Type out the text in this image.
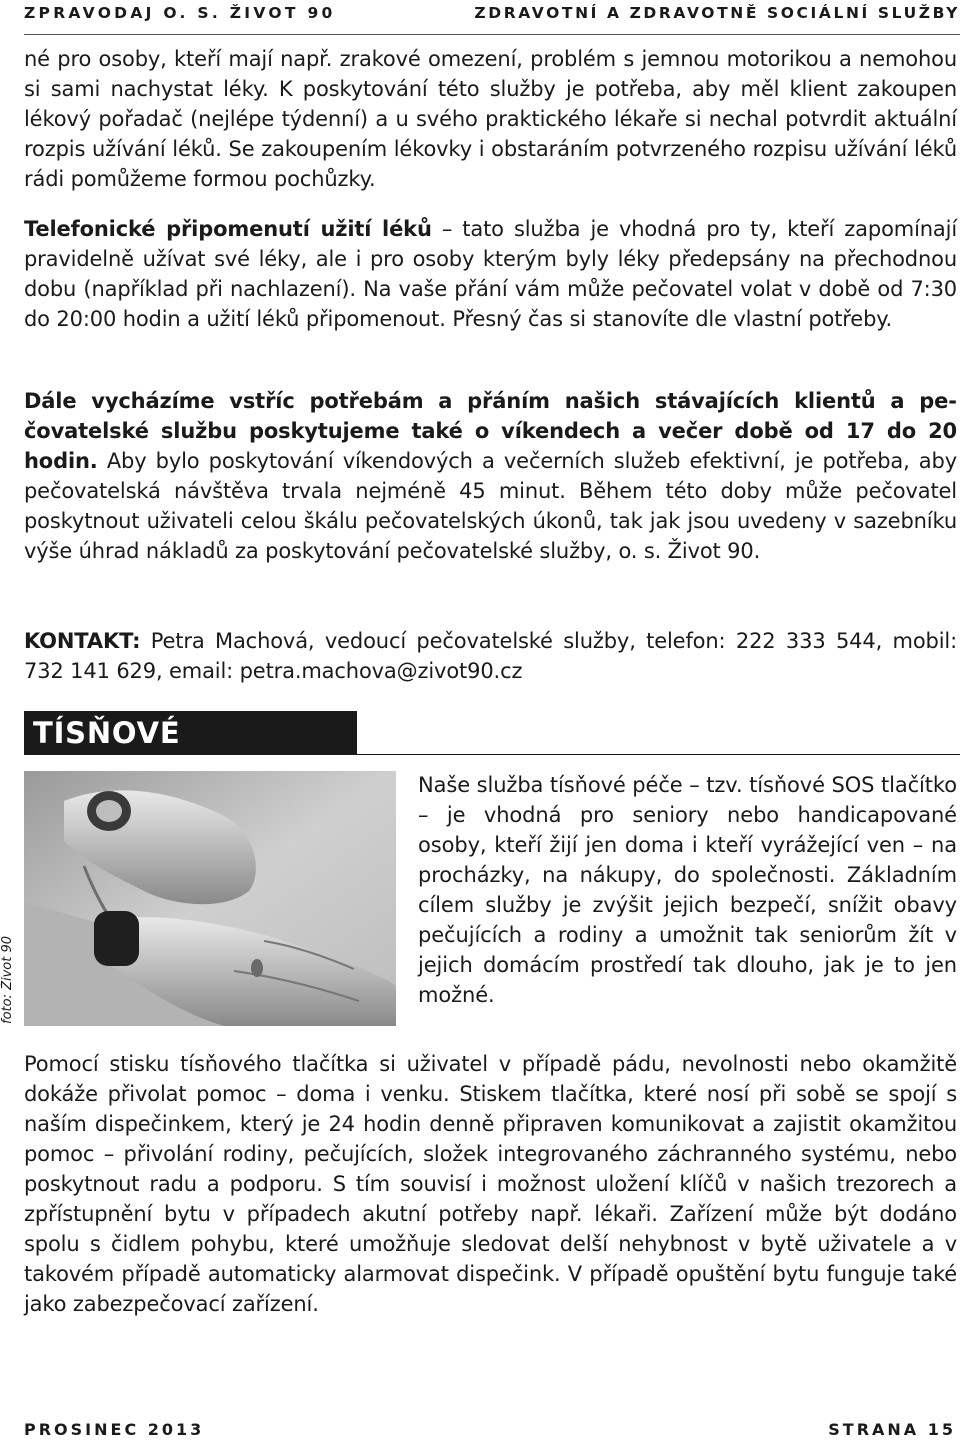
ZPRAVODAJ O. S. ŽIVOT 90	ZDRAVOTNÍ A ZDRAVOTNĚ SOCIÁLNÍ SLUŽBY

né pro osoby, kteří mají např. zrakové omezení, problém s jemnou motorikou a nemohou si sami nachystat léky. K poskytování této služby je potřeba, aby měl klient zakoupen lékový pořadač (nejlépe týdenní) a u svého praktického lékaře si nechal potvrdit aktuální rozpis užívání léků. Se zakoupením lékovky i obstaráním potvrzeného rozpisu užívání léků rádi pomůžeme formou pochůzky.

Telefonické připomenutí užití léků – tato služba je vhodná pro ty, kteří zapomínají pravidelně užívat své léky, ale i pro osoby kterým byly léky předepsány na přechodnou dobu (například při nachlazení). Na vaše přání vám může pečovatel volat v době od 7:30 do 20:00 hodin a užití léků připomenout. Přesný čas si stanovíte dle vlastní potřeby.

Dále vycházíme vstříc potřebám a přáním našich stávajících klientů a pečovatelské službu poskytujeme také o víkendech a večer době od 17 do 20 hodin. Aby bylo poskytování víkendových a večerních služeb efektivní, je potřeba, aby pečovatelská návštěva trvala nejméně 45 minut. Během této doby může pečovatel poskytnout uživateli celou škálu pečovatelských úkonů, tak jak jsou uvedeny v sazebníku výše úhrad nákladů za poskytování pečovatelské služby, o. s. Život 90.

KONTAKT: Petra Machová, vedoucí pečovatelské služby, telefon: 222 333 544, mobil: 732 141 629, email: petra.machova@zivot90.cz

TÍSŇOVÉ
foto: Život 90

Naše služba tísňové péče – tzv. tísňové SOS tlačítko – je vhodná pro seniory nebo handicapované osoby, kteří žijí jen doma i kteří vyrážející ven – na procházky, na nákupy, do společnosti. Základním cílem služby je zvýšit jejich bezpečí, snížit obavy pečujících a rodiny a umožnit tak seniorům žít v jejich domácím prostředí tak dlouho, jak je to jen možné.

Pomocí stisku tísňového tlačítka si uživatel v případě pádu, nevolnosti nebo okamžitě dokáže přivolat pomoc – doma i venku. Stiskem tlačítka, které nosí při sobě se spojí s naším dispečinkem, který je 24 hodin denně připraven komunikovat a zajistit okamžitou pomoc – přivolání rodiny, pečujících, složek integrovaného záchranného systému, nebo poskytnout radu a podporu. S tím souvisí i možnost uložení klíčů v našich trezorech a zpřístupnění bytu v případech akutní potřeby např. lékaři. Zařízení může být dodáno spolu s čidlem pohybu, které umožňuje sledovat delší nehybnost v bytě uživatele a v takovém případě automaticky alarmovat dispečink. V případě opuštění bytu funguje také jako zabezpečovací zařízení.

PROSINEC 2013	STRANA 15
